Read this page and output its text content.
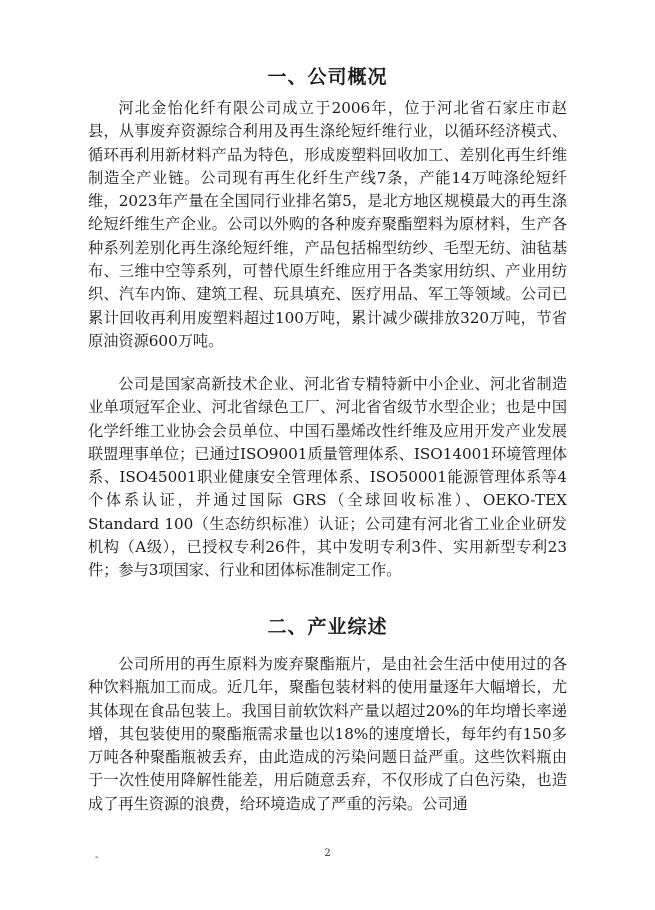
一、公司概况

河北金怡化纤有限公司成立于2006年，位于河北省石家庄市赵县，从事废弃资源综合利用及再生涤纶短纤维行业，以循环经济模式、循环再利用新材料产品为特色，形成废塑料回收加工、差别化再生纤维制造全产业链。公司现有再生化纤生产线7条，产能14万吨涤纶短纤维，2023年产量在全国同行业排名第5，是北方地区规模最大的再生涤纶短纤维生产企业。公司以外购的各种废弃聚酯塑料为原材料，生产各种系列差别化再生涤纶短纤维，产品包括棉型纺纱、毛型无纺、油毡基布、三维中空等系列，可替代原生纤维应用于各类家用纺织、产业用纺织、汽车内饰、建筑工程、玩具填充、医疗用品、军工等领域。公司已累计回收再利用废塑料超过100万吨，累计减少碳排放320万吨，节省原油资源600万吨。

公司是国家高新技术企业、河北省专精特新中小企业、河北省制造业单项冠军企业、河北省绿色工厂、河北省省级节水型企业；也是中国化学纤维工业协会会员单位、中国石墨烯改性纤维及应用开发产业发展联盟理事单位；已通过ISO9001质量管理体系、ISO14001环境管理体系、ISO45001职业健康安全管理体系、ISO50001能源管理体系等4个体系认证，并通过国际 GRS（全球回收标准）、OEKO-TEX Standard 100（生态纺织标准）认证；公司建有河北省工业企业研发机构（A级），已授权专利26件，其中发明专利3件、实用新型专利23件；参与3项国家、行业和团体标准制定工作。

二、产业综述

公司所用的再生原料为废弃聚酯瓶片，是由社会生活中使用过的各种饮料瓶加工而成。近几年，聚酯包装材料的使用量逐年大幅增长，尤其体现在食品包装上。我国目前软饮料产量以超过20%的年均增长率递增，其包装使用的聚酯瓶需求量也以18%的速度增长，每年约有150多万吨各种聚酯瓶被丢弃，由此造成的污染问题日益严重。这些饮料瓶由于一次性使用降解性能差，用后随意丢弃，不仅形成了白色污染，也造成了再生资源的浪费，给环境造成了严重的污染。公司通

-	2
